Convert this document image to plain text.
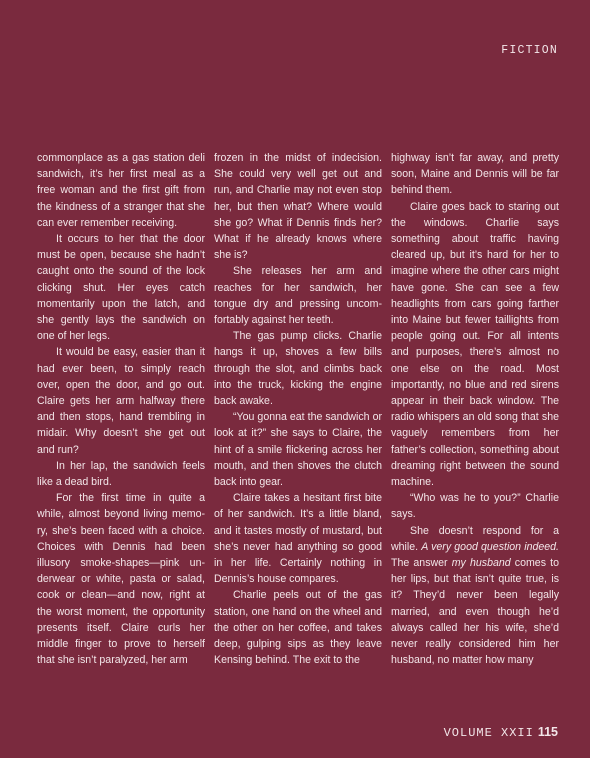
FICTION

commonplace as a gas station deli sandwich, it’s her first meal as a free woman and the first gift from the kindness of a stranger that she can ever remember receiving.

It occurs to her that the door must be open, because she hadn’t caught onto the sound of the lock clicking shut. Her eyes catch momentarily upon the latch, and she gently lays the sandwich on one of her legs.

It would be easy, easier than it had ever been, to simply reach over, open the door, and go out. Claire gets her arm halfway there and then stops, hand trembling in midair. Why doesn’t she get out and run?

In her lap, the sandwich feels like a dead bird.

For the first time in quite a while, almost beyond living memory, she’s been faced with a choice. Choices with Dennis had been illusory smoke-shapes—pink underwear or white, pasta or salad, cook or clean—and now, right at the worst moment, the opportunity presents itself. Claire curls her middle finger to prove to herself that she isn’t paralyzed, her arm

frozen in the midst of indecision. She could very well get out and run, and Charlie may not even stop her, but then what? Where would she go? What if Dennis finds her? What if he already knows where she is?

She releases her arm and reaches for her sandwich, her tongue dry and pressing uncomfortably against her teeth.

The gas pump clicks. Charlie hangs it up, shoves a few bills through the slot, and climbs back into the truck, kicking the engine back awake.

“You gonna eat the sandwich or look at it?” she says to Claire, the hint of a smile flickering across her mouth, and then shoves the clutch back into gear.

Claire takes a hesitant first bite of her sandwich. It’s a little bland, and it tastes mostly of mustard, but she’s never had anything so good in her life. Certainly nothing in Dennis’s house compares.

Charlie peels out of the gas station, one hand on the wheel and the other on her coffee, and takes deep, gulping sips as they leave Kensing behind. The exit to the

highway isn’t far away, and pretty soon, Maine and Dennis will be far behind them.

Claire goes back to staring out the windows. Charlie says something about traffic having cleared up, but it’s hard for her to imagine where the other cars might have gone. She can see a few headlights from cars going farther into Maine but fewer taillights from people going out. For all intents and purposes, there’s almost no one else on the road. Most importantly, no blue and red sirens appear in their back window. The radio whispers an old song that she vaguely remembers from her father’s collection, something about dreaming right between the sound machine.

“Who was he to you?” Charlie says.

She doesn’t respond for a while. A very good question indeed. The answer my husband comes to her lips, but that isn’t quite true, is it? They’d never been legally married, and even though he’d always called her his wife, she’d never really considered him her husband, no matter how many

VOLUME XXII 115
